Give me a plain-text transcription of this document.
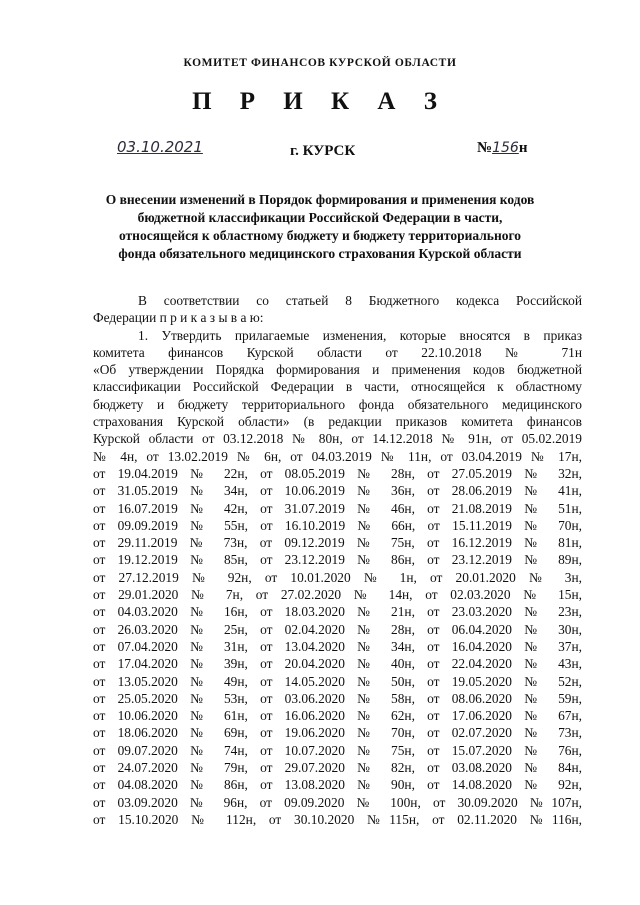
КОМИТЕТ ФИНАНСОВ КУРСКОЙ ОБЛАСТИ
П Р И К А З
03.10.2021	г. КУРСК	№156н
О внесении изменений в Порядок формирования и применения кодов
бюджетной классификации Российской Федерации в части,
относящейся к областному бюджету и бюджету территориального
фонда обязательного медицинского страхования Курской области
В соответствии со статьей 8 Бюджетного кодекса Российской
Федерации п р и к а з ы в а ю:
1. Утвердить прилагаемые изменения, которые вносятся в приказ
комитета финансов Курской области от 22.10.2018 № 71н
«Об утверждении Порядка формирования и применения кодов бюджетной
классификации Российской Федерации в части, относящейся к областному
бюджету и бюджету территориального фонда обязательного медицинского
страхования Курской области» (в редакции приказов комитета финансов
Курской области от 03.12.2018 № 80н, от 14.12.2018 № 91н, от 05.02.2019
№ 4н, от 13.02.2019 № 6н, от 04.03.2019 № 11н, от 03.04.2019 № 17н,
от 19.04.2019 № 22н, от 08.05.2019 № 28н, от 27.05.2019 № 32н,
от 31.05.2019 № 34н, от 10.06.2019 № 36н, от 28.06.2019 № 41н,
от 16.07.2019 № 42н, от 31.07.2019 № 46н, от 21.08.2019 № 51н,
от 09.09.2019 № 55н, от 16.10.2019 № 66н, от 15.11.2019 № 70н,
от 29.11.2019 № 73н, от 09.12.2019 № 75н, от 16.12.2019 № 81н,
от 19.12.2019 № 85н, от 23.12.2019 № 86н, от 23.12.2019 № 89н,
от 27.12.2019 № 92н, от 10.01.2020 № 1н, от 20.01.2020 № 3н,
от 29.01.2020 № 7н, от 27.02.2020 № 14н, от 02.03.2020 № 15н,
от 04.03.2020 № 16н, от 18.03.2020 № 21н, от 23.03.2020 № 23н,
от 26.03.2020 № 25н, от 02.04.2020 № 28н, от 06.04.2020 № 30н,
от 07.04.2020 № 31н, от 13.04.2020 № 34н, от 16.04.2020 № 37н,
от 17.04.2020 № 39н, от 20.04.2020 № 40н, от 22.04.2020 № 43н,
от 13.05.2020 № 49н, от 14.05.2020 № 50н, от 19.05.2020 № 52н,
от 25.05.2020 № 53н, от 03.06.2020 № 58н, от 08.06.2020 № 59н,
от 10.06.2020 № 61н, от 16.06.2020 № 62н, от 17.06.2020 № 67н,
от 18.06.2020 № 69н, от 19.06.2020 № 70н, от 02.07.2020 № 73н,
от 09.07.2020 № 74н, от 10.07.2020 № 75н, от 15.07.2020 № 76н,
от 24.07.2020 № 79н, от 29.07.2020 № 82н, от 03.08.2020 № 84н,
от 04.08.2020 № 86н, от 13.08.2020 № 90н, от 14.08.2020 № 92н,
от 03.09.2020 № 96н, от 09.09.2020 № 100н, от 30.09.2020 №107н,
от 15.10.2020 № 112н, от 30.10.2020 №115н, от 02.11.2020 №116н,
